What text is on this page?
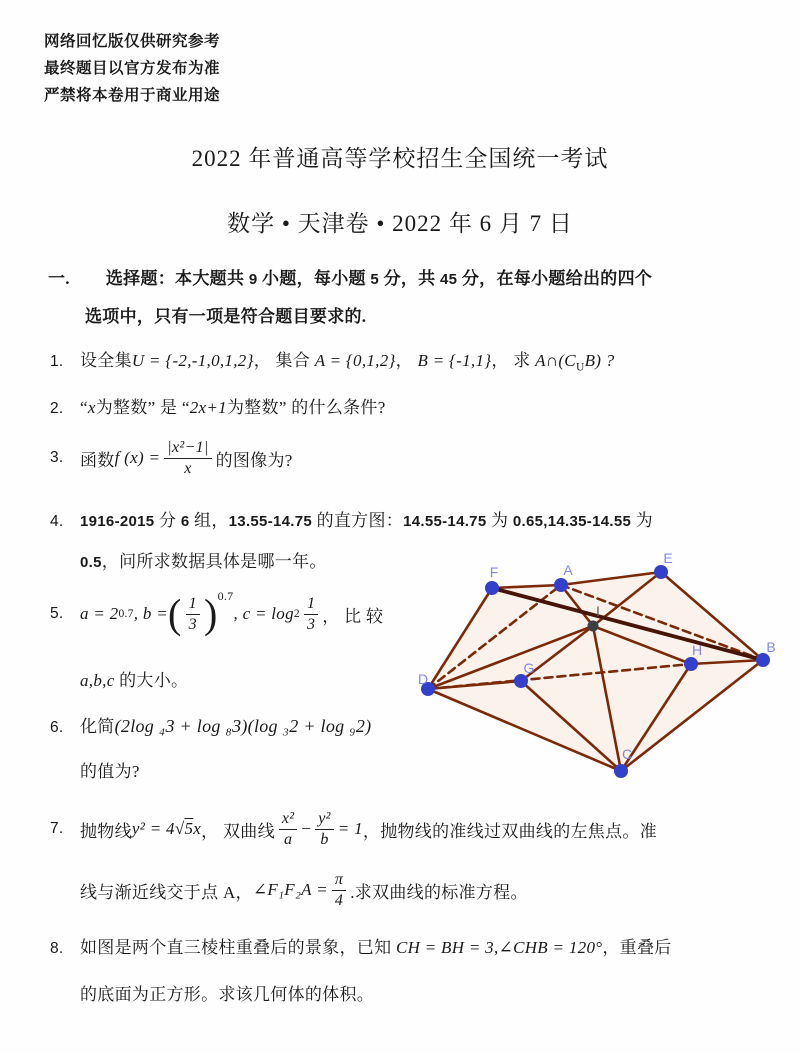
网络回忆版仅供研究参考
最终题目以官方发布为准
严禁将本卷用于商业用途
2022 年普通高等学校招生全国统一考试
数学 • 天津卷 • 2022 年 6 月 7 日
一. 选择题：本大题共 9 小题，每小题 5 分，共 45 分，在每小题给出的四个
选项中，只有一项是符合题目要求的.
1. 设全集U = {-2,-1,0,1,2}， 集合 A = {0,1,2}， B = {-1,1}， 求 $A\cap(C_UB)$ ?
2. “x为整数” 是 “2x+1为整数” 的什么条件?
3. 函数 f $(x) = \frac{\text{|x²−1|}}{x}$ 的图像为?
4. 1916-2015 分 6 组，13.55-14.75 的直方图：14.55-14.75 为 0.65,14.35-14.55 为
0.5，问所求数据具体是哪一年。
5. a = 2 0.7 , b = ( $\frac{1}{3}$ ) 0.7
, $c = \log 2 \frac{1}{3}$ ， 比 较
a,b,c 的大小。
6. 化简(2log ₄3 + log ₈3)(log ₃2 + log ₉2)
的值为?
7. 抛物线 y² = 4 √ 5 x ， 双曲线 $\frac{\text{x²}}{a} - \frac{\text{y²}}{b} = 1$ ，抛物线的准线过双曲线的左焦点。准
线与渐近线交于点 A， ∠F₁F₂A = $\frac{\pi}{4}$ .求双曲线的标准方程。
8. 如图是两个直三棱柱重叠后的景象，已知 CH = BH = 3,∠CHB = 120°，重叠后
的底面为正方形。求该几何体的体积。
F	A
E
I
D
G
H	B
C
